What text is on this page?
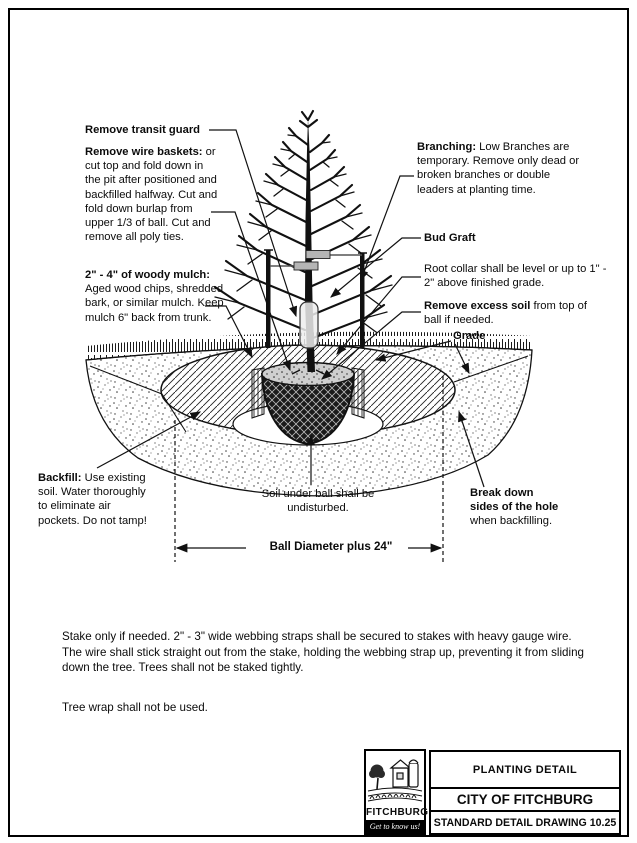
Remove transit guard
Remove wire baskets: or cut top and fold down in the pit after positioned and backfilled halfway. Cut and fold down burlap from upper 1/3 of ball. Cut and remove all poly ties.
2" - 4" of woody mulch: Aged wood chips, shredded bark, or similar mulch. Keep mulch 6" back from trunk.
Branching: Low Branches are temporary. Remove only dead or broken branches or double leaders at planting time.
Bud Graft
Root collar shall be level or up to 1" - 2" above finished grade.
Remove excess soil from top of ball if needed.
Grade
Backfill: Use existing soil. Water thoroughly to eliminate air pockets. Do not tamp!
Soil under ball shall be undisturbed.
Ball Diameter plus 24"
Break down sides of the hole when backfilling.
Stake only if needed. 2" - 3" wide webbing straps shall be secured to stakes with heavy gauge wire. The wire shall stick straight out from the stake, holding the webbing strap up, preventing it from sliding down the tree. Trees shall not be staked tightly.
Tree wrap shall not be used.
FITCHBURG
Get to know us!
PLANTING DETAIL
CITY OF FITCHBURG
STANDARD DETAIL DRAWING 10.25
